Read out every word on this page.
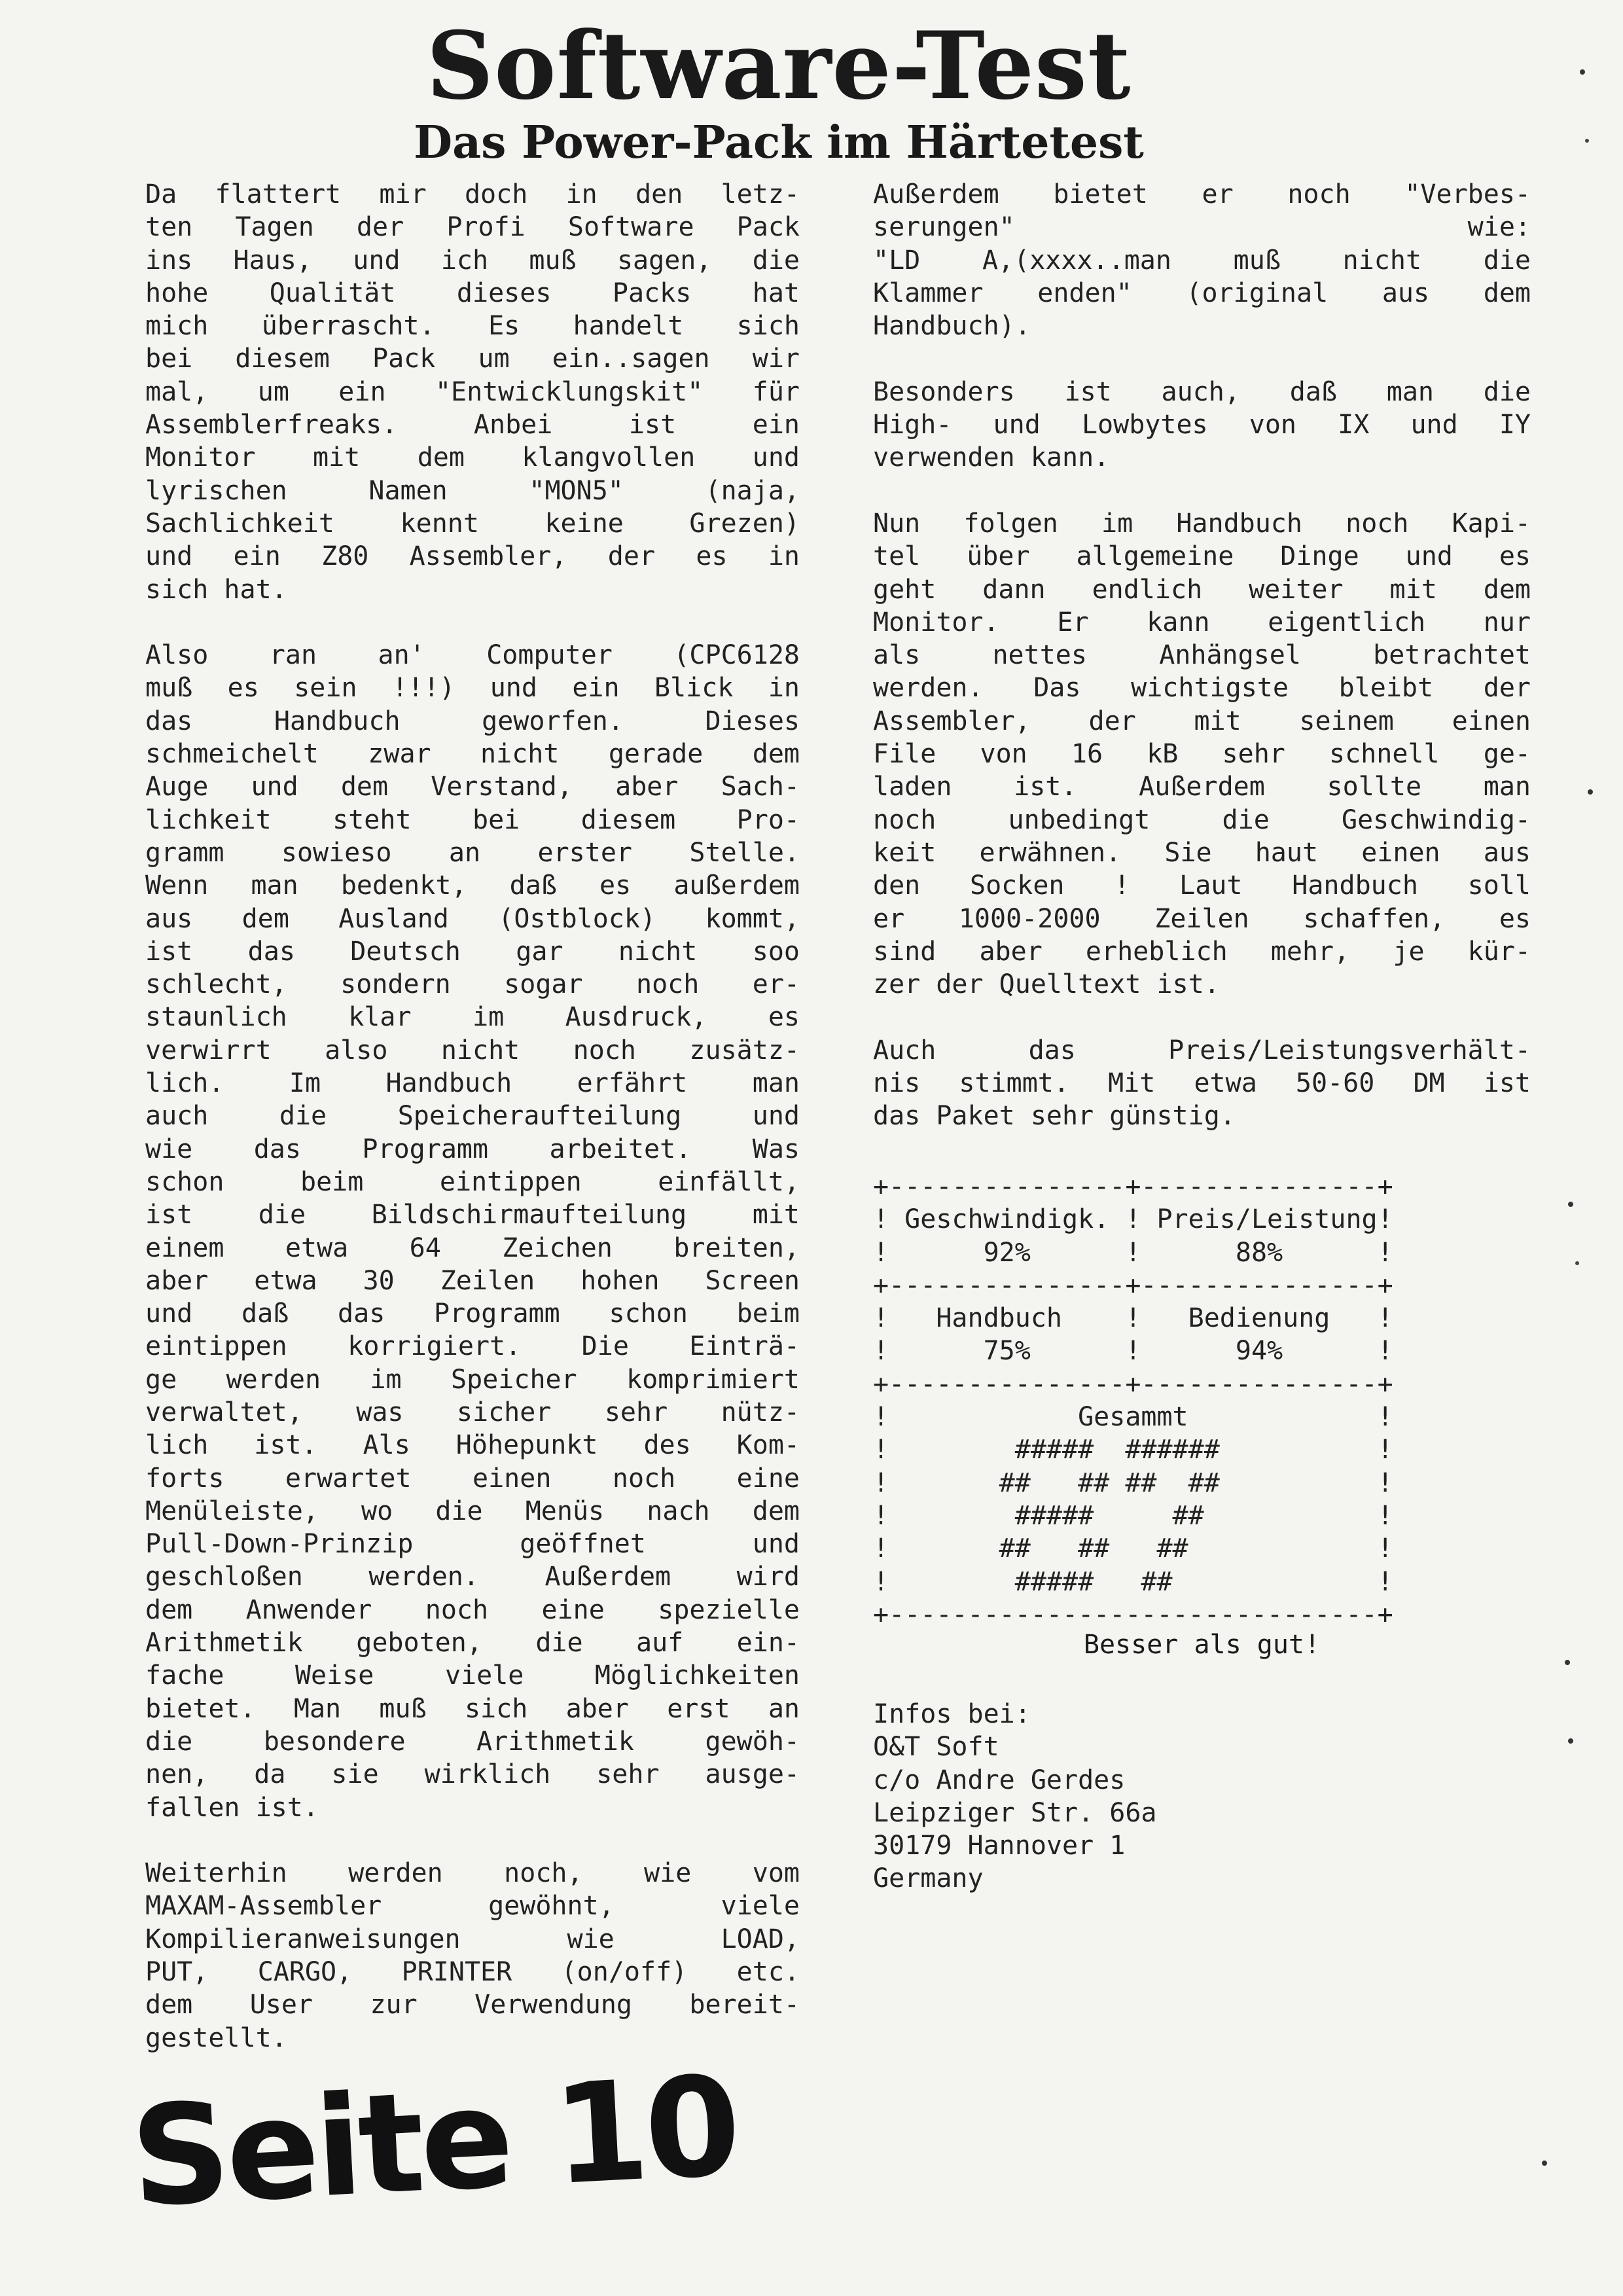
Software-Test
Das Power-Pack im Härtetest

Da flattert mir doch in den letz-
ten Tagen der Profi Software Pack
ins Haus, und ich muß sagen, die
hohe Qualität dieses Packs hat
mich überrascht. Es handelt sich
bei diesem Pack um ein..sagen wir
mal, um ein "Entwicklungskit" für
Assemblerfreaks. Anbei ist ein
Monitor mit dem klangvollen und
lyrischen Namen "MON5" (naja,
Sachlichkeit kennt keine Grezen)
und ein Z80 Assembler, der es in
sich hat.

Also ran an' Computer (CPC6128
muß es sein !!!) und ein Blick in
das Handbuch geworfen. Dieses
schmeichelt zwar nicht gerade dem
Auge und dem Verstand, aber Sach-
lichkeit steht bei diesem Pro-
gramm sowieso an erster Stelle.
Wenn man bedenkt, daß es außerdem
aus dem Ausland (Ostblock) kommt,
ist das Deutsch gar nicht soo
schlecht, sondern sogar noch er-
staunlich klar im Ausdruck, es
verwirrt also nicht noch zusätz-
lich. Im Handbuch erfährt man
auch die Speicheraufteilung und
wie das Programm arbeitet. Was
schon beim eintippen einfällt,
ist die Bildschirmaufteilung mit
einem etwa 64 Zeichen breiten,
aber etwa 30 Zeilen hohen Screen
und daß das Programm schon beim
eintippen korrigiert. Die Einträ-
ge werden im Speicher komprimiert
verwaltet, was sicher sehr nütz-
lich ist. Als Höhepunkt des Kom-
forts erwartet einen noch eine
Menüleiste, wo die Menüs nach dem
Pull-Down-Prinzip geöffnet und
geschloßen werden. Außerdem wird
dem Anwender noch eine spezielle
Arithmetik geboten, die auf ein-
fache Weise viele Möglichkeiten
bietet. Man muß sich aber erst an
die besondere Arithmetik gewöh-
nen, da sie wirklich sehr ausge-
fallen ist.

Weiterhin werden noch, wie vom
MAXAM-Assembler gewöhnt, viele
Kompilieranweisungen wie LOAD,
PUT, CARGO, PRINTER (on/off) etc.
dem User zur Verwendung bereit-
gestellt.

Außerdem bietet er noch "Verbes-
serungen" wie:
"LD A,(xxxx..man muß nicht die
Klammer enden" (original aus dem
Handbuch).

Besonders ist auch, daß man die
High- und Lowbytes von IX und IY
verwenden kann.

Nun folgen im Handbuch noch Kapi-
tel über allgemeine Dinge und es
geht dann endlich weiter mit dem
Monitor. Er kann eigentlich nur
als nettes Anhängsel betrachtet
werden. Das wichtigste bleibt der
Assembler, der mit seinem einen
File von 16 kB sehr schnell ge-
laden ist. Außerdem sollte man
noch unbedingt die Geschwindig-
keit erwähnen. Sie haut einen aus
den Socken ! Laut Handbuch soll
er 1000-2000 Zeilen schaffen, es
sind aber erheblich mehr, je kür-
zer der Quelltext ist.

Auch das Preis/Leistungsverhält-
nis stimmt. Mit etwa 50-60 DM ist
das Paket sehr günstig.

+---------------+---------------+
! Geschwindigk. ! Preis/Leistung!
!      92%      !      88%      !
+---------------+---------------+
!   Handbuch    !   Bedienung   !
!      75%      !      94%      !
+---------------+---------------+
!            Gesammt            !
!        #####  ######          !
!       ##   ## ##  ##          !
!        #####     ##           !
!       ##   ##   ##            !
!        #####   ##             !
+-------------------------------+
Besser als gut!
Infos bei:
O&T Soft
c/o Andre Gerdes
Leipziger Str. 66a
30179 Hannover 1
Germany
Seite 10
